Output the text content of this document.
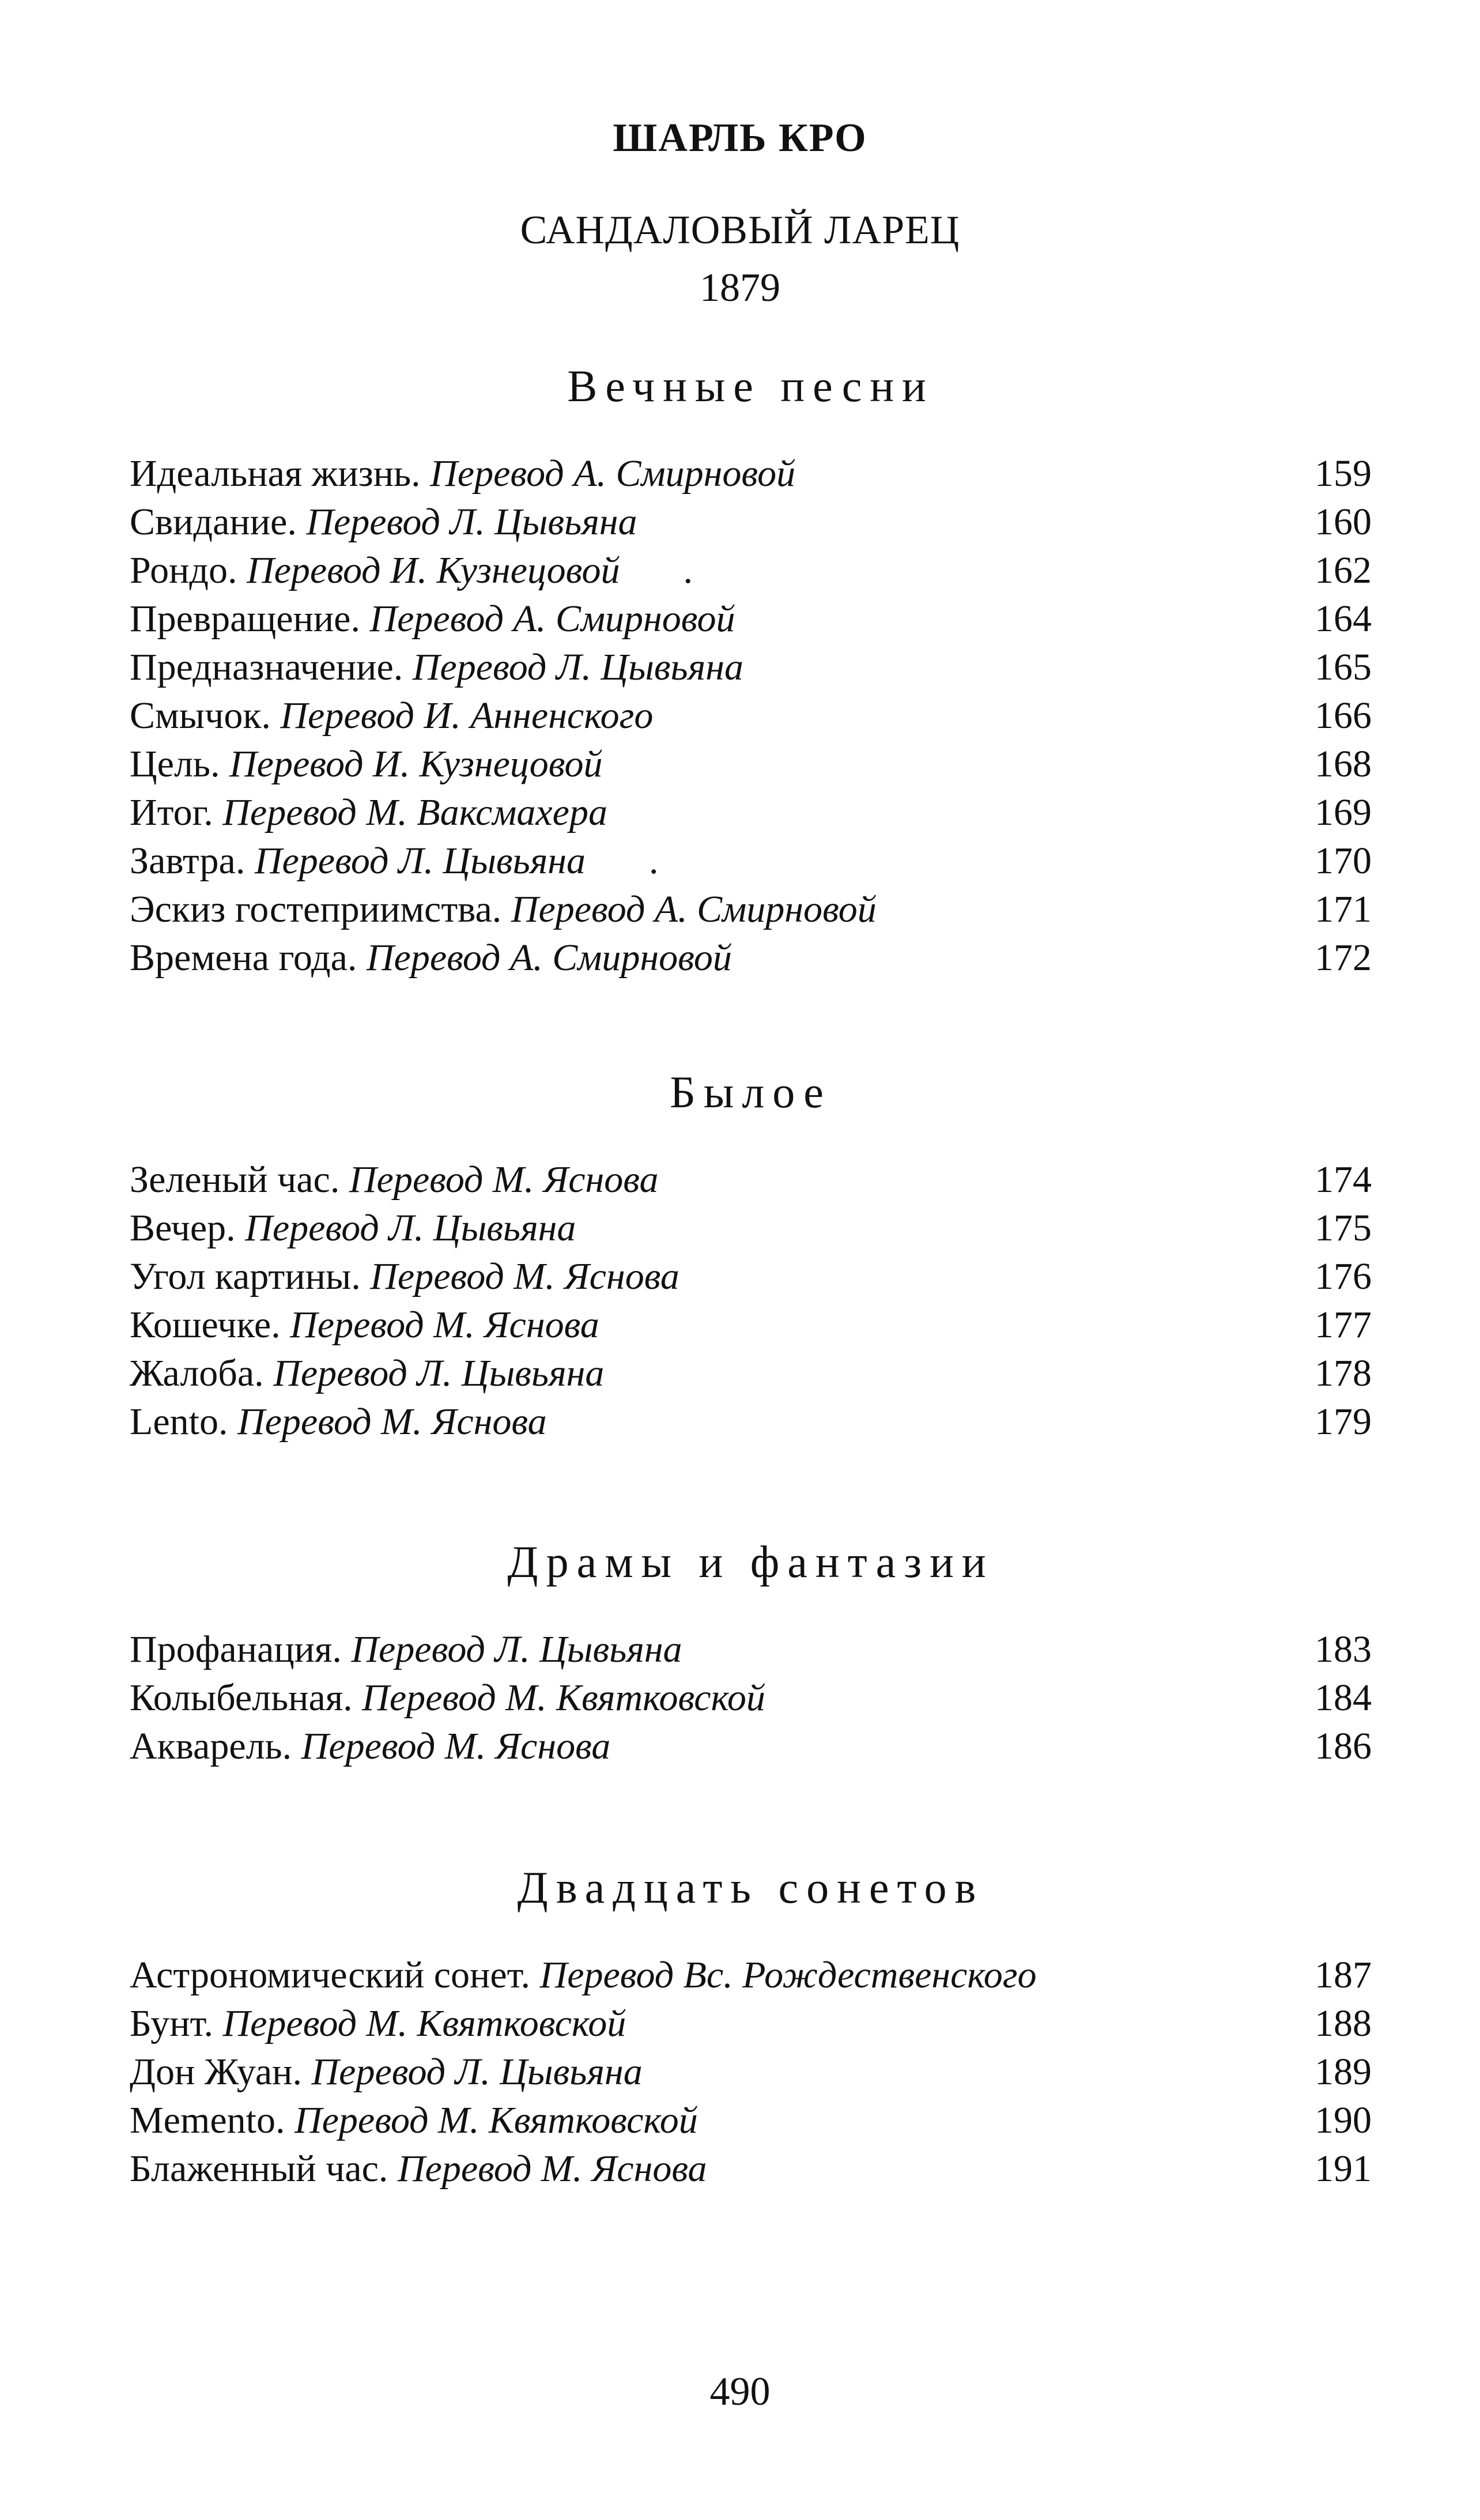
ШАРЛЬ КРО
САНДАЛОВЫЙ ЛАРЕЦ
1879
Вечные песни
Идеальная жизнь. Перевод А. Смирновой	159
Свидание. Перевод Л. Цывьяна	160
Рондо. Перевод И. Кузнецовой .	162
Превращение. Перевод А. Смирновой	164
Предназначение. Перевод Л. Цывьяна	165
Смычок. Перевод И. Анненского	166
Цель. Перевод И. Кузнецовой	168
Итог. Перевод М. Ваксмахера	169
Завтра. Перевод Л. Цывьяна .	170
Эскиз гостеприимства. Перевод А. Смирновой	171
Времена года. Перевод А. Смирновой	172
Былое
Зеленый час. Перевод М. Яснова	174
Вечер. Перевод Л. Цывьяна	175
Угол картины. Перевод М. Яснова	176
Кошечке. Перевод М. Яснова	177
Жалоба. Перевод Л. Цывьяна	178
Lento. Перевод М. Яснова	179
Драмы и фантазии
Профанация. Перевод Л. Цывьяна	183
Колыбельная. Перевод М. Квятковской	184
Акварель. Перевод М. Яснова	186
Двадцать сонетов
Астрономический сонет. Перевод Вс. Рождественского	187
Бунт. Перевод М. Квятковской	188
Дон Жуан. Перевод Л. Цывьяна	189
Memento. Перевод М. Квятковской	190
Блаженный час. Перевод М. Яснова	191
490
